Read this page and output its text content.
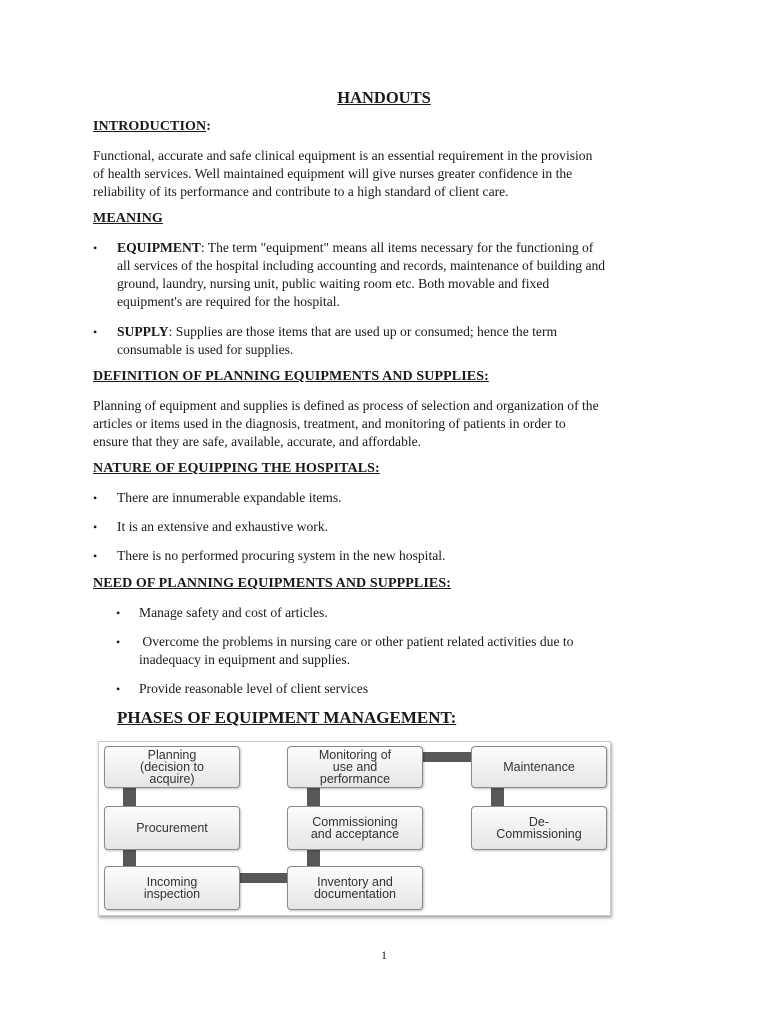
HANDOUTS
INTRODUCTION:
Functional, accurate and safe clinical equipment is an essential requirement in the provision
of health services. Well maintained equipment will give nurses greater confidence in the
reliability of its performance and contribute to a high standard of client care.
MEANING
• EQUIPMENT: The term "equipment" means all items necessary for the functioning of
all services of the hospital including accounting and records, maintenance of building and
ground, laundry, nursing unit, public waiting room etc. Both movable and fixed
equipment's are required for the hospital.
• SUPPLY: Supplies are those items that are used up or consumed; hence the term
consumable is used for supplies.
DEFINITION OF PLANNING EQUIPMENTS AND SUPPLIES:
Planning of equipment and supplies is defined as process of selection and organization of the
articles or items used in the diagnosis, treatment, and monitoring of patients in order to
ensure that they are safe, available, accurate, and affordable.
NATURE OF EQUIPPING THE HOSPITALS:
• There are innumerable expandable items.
• It is an extensive and exhaustive work.
• There is no performed procuring system in the new hospital.
NEED OF PLANNING EQUIPMENTS AND SUPPPLIES:
• Manage safety and cost of articles.
• Overcome the problems in nursing care or other patient related activities due to
inadequacy in equipment and supplies.
• Provide reasonable level of client services
PHASES OF EQUIPMENT MANAGEMENT:
Planning
(decision to
acquire)
Procurement
Incoming
inspection
Monitoring of
use and
performance
Commissioning
and acceptance
Inventory and
documentation
Maintenance
De-
Commissioning
1
